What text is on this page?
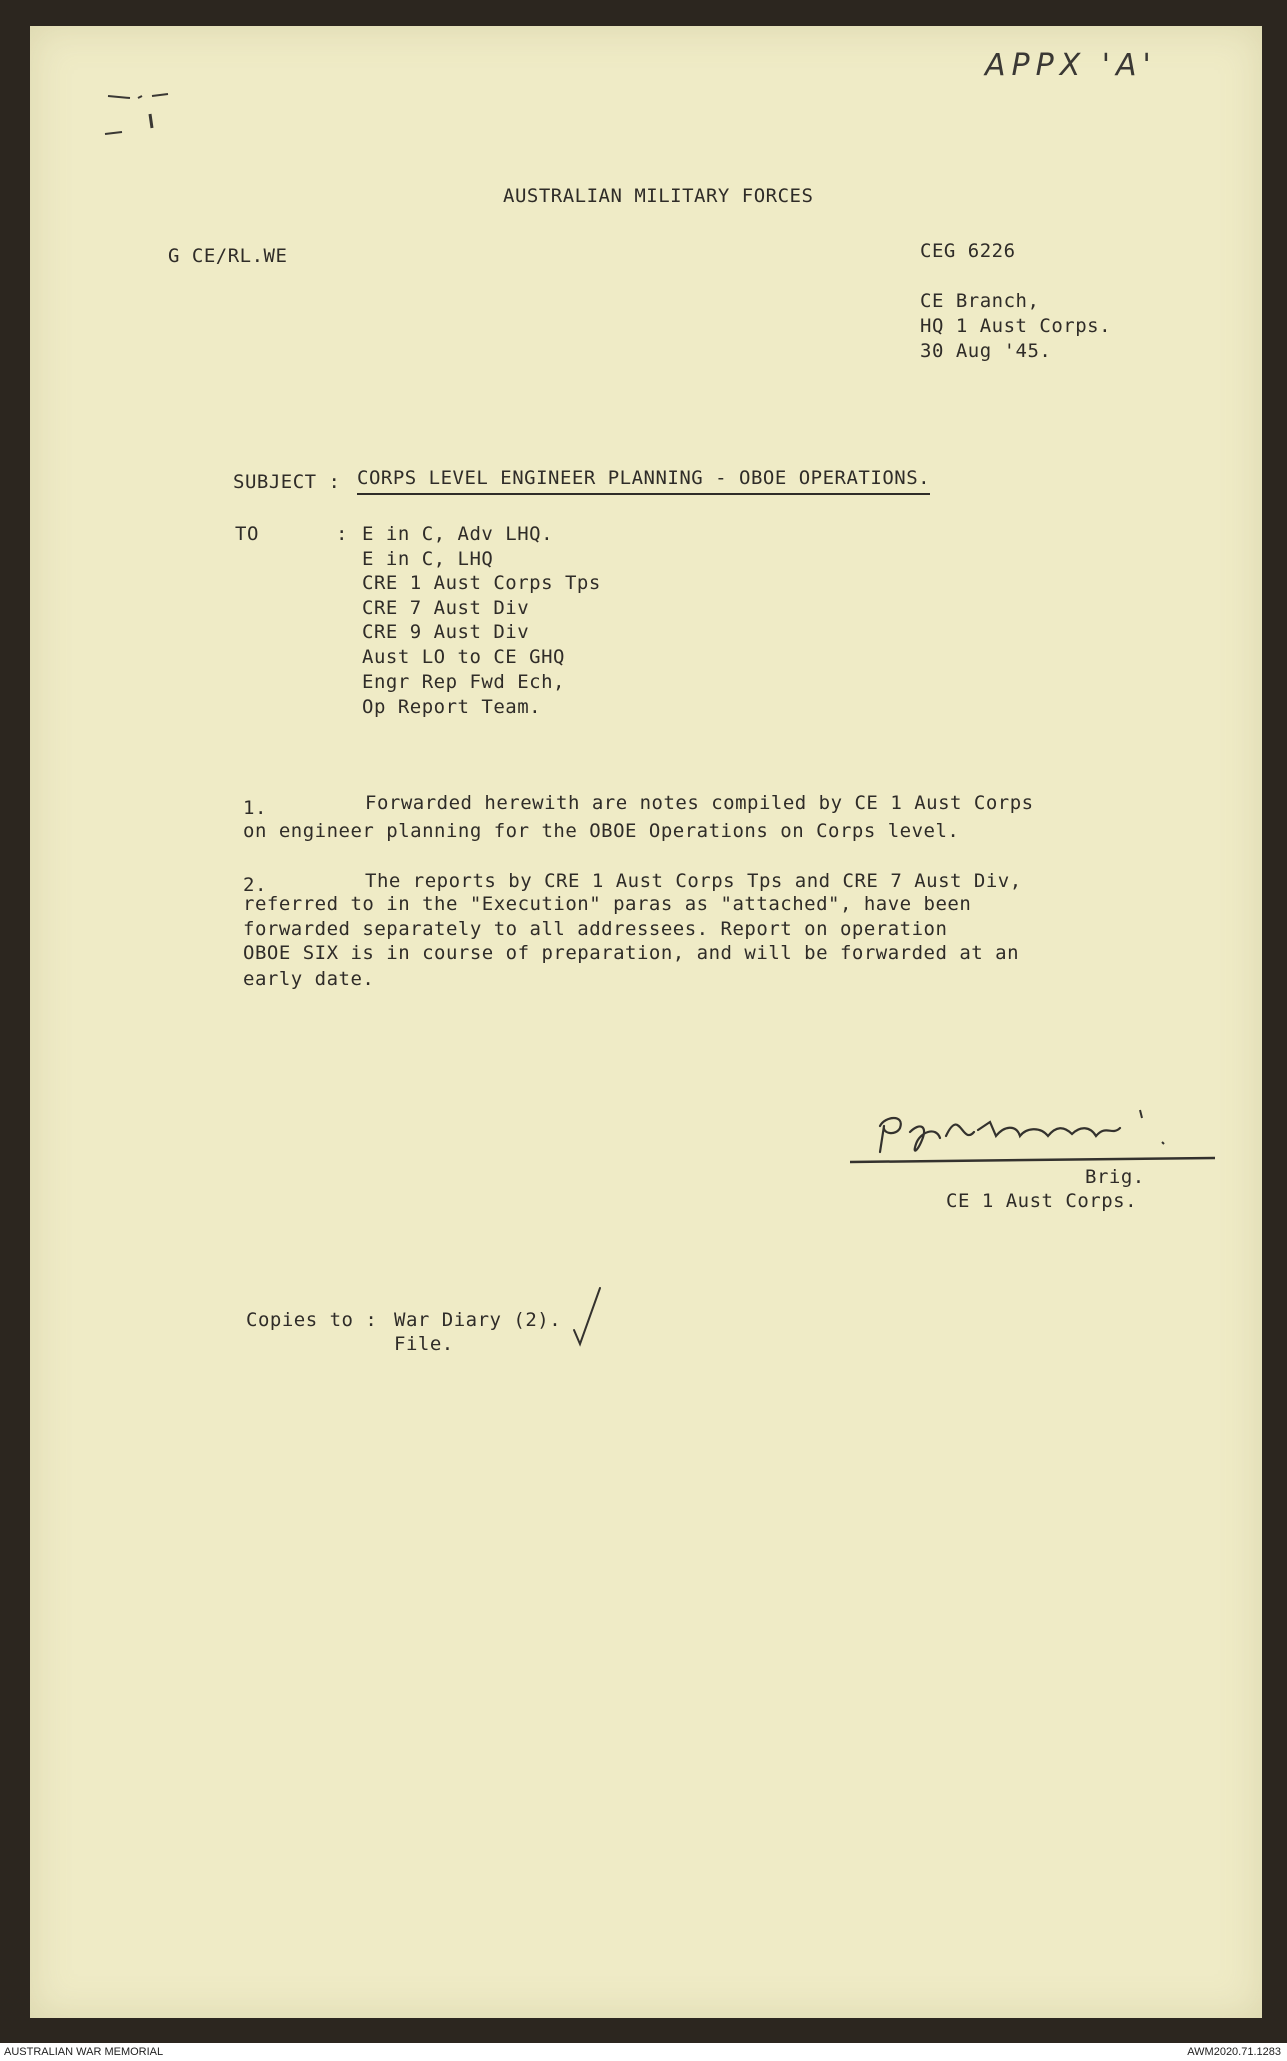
APPX 'A'
AUSTRALIAN MILITARY FORCES
G CE/RL.WE	CEG 6226
CE Branch,
HQ 1 Aust Corps.
30 Aug '45.
SUBJECT : CORPS LEVEL ENGINEER PLANNING - OBOE OPERATIONS.
TO	: E in C, Adv LHQ.
E in C, LHQ
CRE 1 Aust Corps Tps
CRE 7 Aust Div
CRE 9 Aust Div
Aust LO to CE GHQ
Engr Rep Fwd Ech,
Op Report Team.
1.	Forwarded herewith are notes compiled by CE 1 Aust Corps
on engineer planning for the OBOE Operations on Corps level.
2.	The reports by CRE 1 Aust Corps Tps and CRE 7 Aust Div,
referred to in the "Execution" paras as "attached", have been
forwarded separately to all addressees. Report on operation
OBOE SIX is in course of preparation, and will be forwarded at an
early date.
Brig.
CE 1 Aust Corps.
Copies to : War Diary (2).
File.
AUSTRALIAN WAR MEMORIAL	AWM2020.71.1283
